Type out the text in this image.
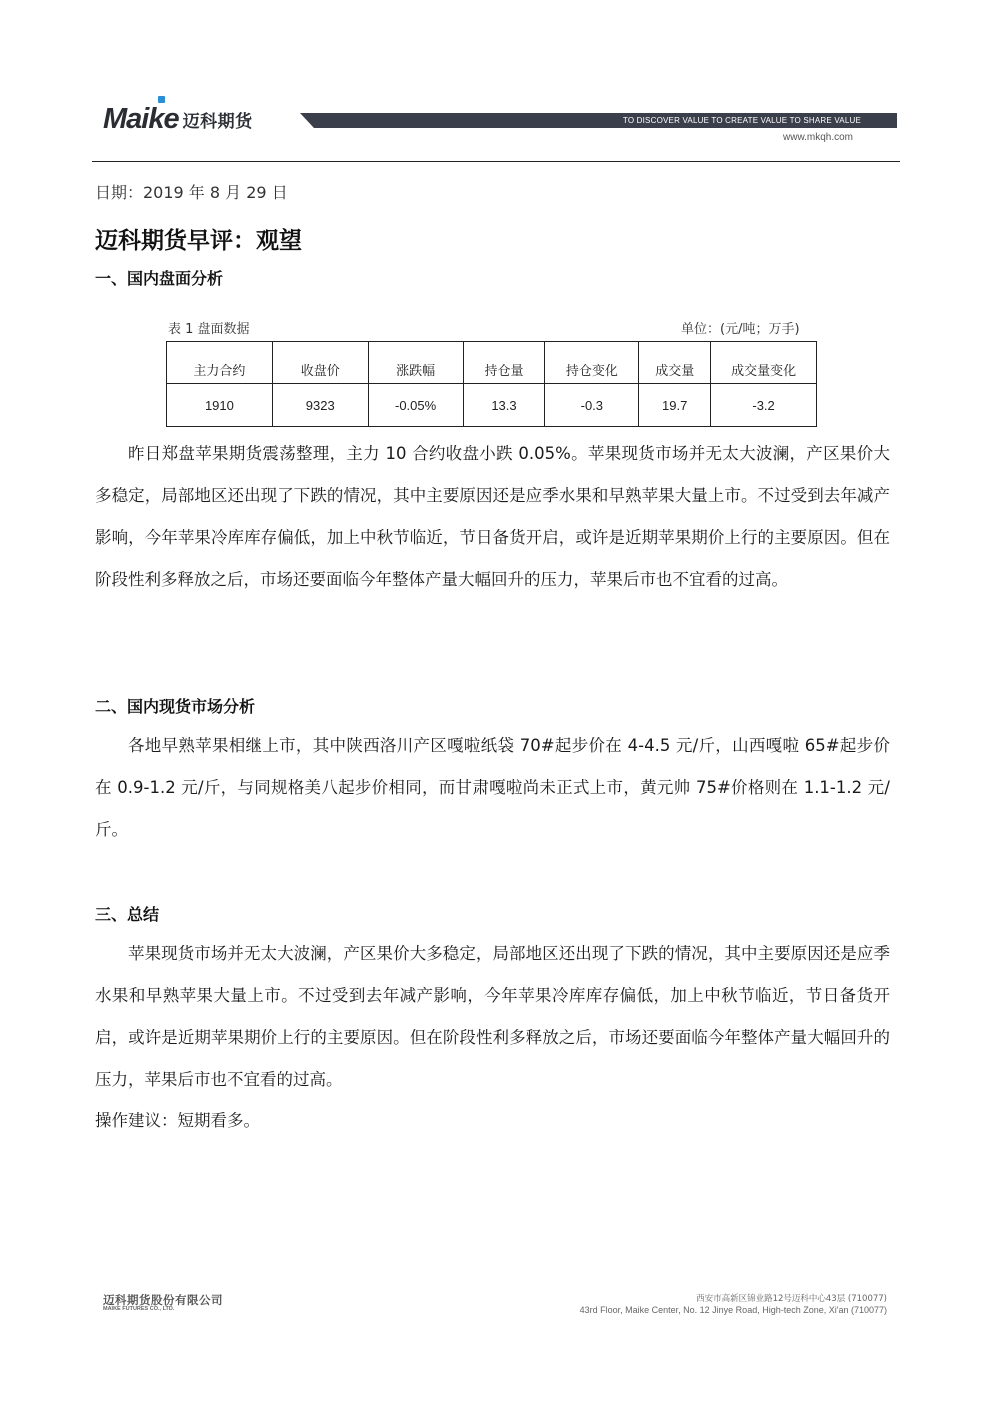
Maike 迈科期货	TO DISCOVER VALUE TO CREATE VALUE TO SHARE VALUE
www.mkqh.com
日期：2019 年 8 月 29 日
迈科期货早评：观望
一、国内盘面分析
表 1 盘面数据	单位：(元/吨；万手)
主力合约	收盘价	涨跌幅	持仓量	持仓变化	成交量	成交量变化
1910	9323	-0.05%	13.3	-0.3	19.7	-3.2

昨日郑盘苹果期货震荡整理，主力 10 合约收盘小跌 0.05%。苹果现货市场并无太大波澜，产区果价大多稳定，局部地区还出现了下跌的情况，其中主要原因还是应季水果和早熟苹果大量上市。不过受到去年减产影响，今年苹果冷库库存偏低，加上中秋节临近，节日备货开启，或许是近期苹果期价上行的主要原因。但在阶段性利多释放之后，市场还要面临今年整体产量大幅回升的压力，苹果后市也不宜看的过高。

二、国内现货市场分析

各地早熟苹果相继上市，其中陕西洛川产区嘎啦纸袋 70#起步价在 4-4.5 元/斤，山西嘎啦 65#起步价在 0.9-1.2 元/斤，与同规格美八起步价相同，而甘肃嘎啦尚未正式上市，黄元帅 75#价格则在 1.1-1.2 元/斤。

三、总结

苹果现货市场并无太大波澜，产区果价大多稳定，局部地区还出现了下跌的情况，其中主要原因还是应季水果和早熟苹果大量上市。不过受到去年减产影响，今年苹果冷库库存偏低，加上中秋节临近，节日备货开启，或许是近期苹果期价上行的主要原因。但在阶段性利多释放之后，市场还要面临今年整体产量大幅回升的压力，苹果后市也不宜看的过高。

操作建议：短期看多。
迈科期货股份有限公司
MAIKE FUTURES CO., LTD.
西安市高新区锦业路12号迈科中心43层 (710077)
43rd Floor, Maike Center, No. 12 Jinye Road, High-tech Zone, Xi'an (710077)
